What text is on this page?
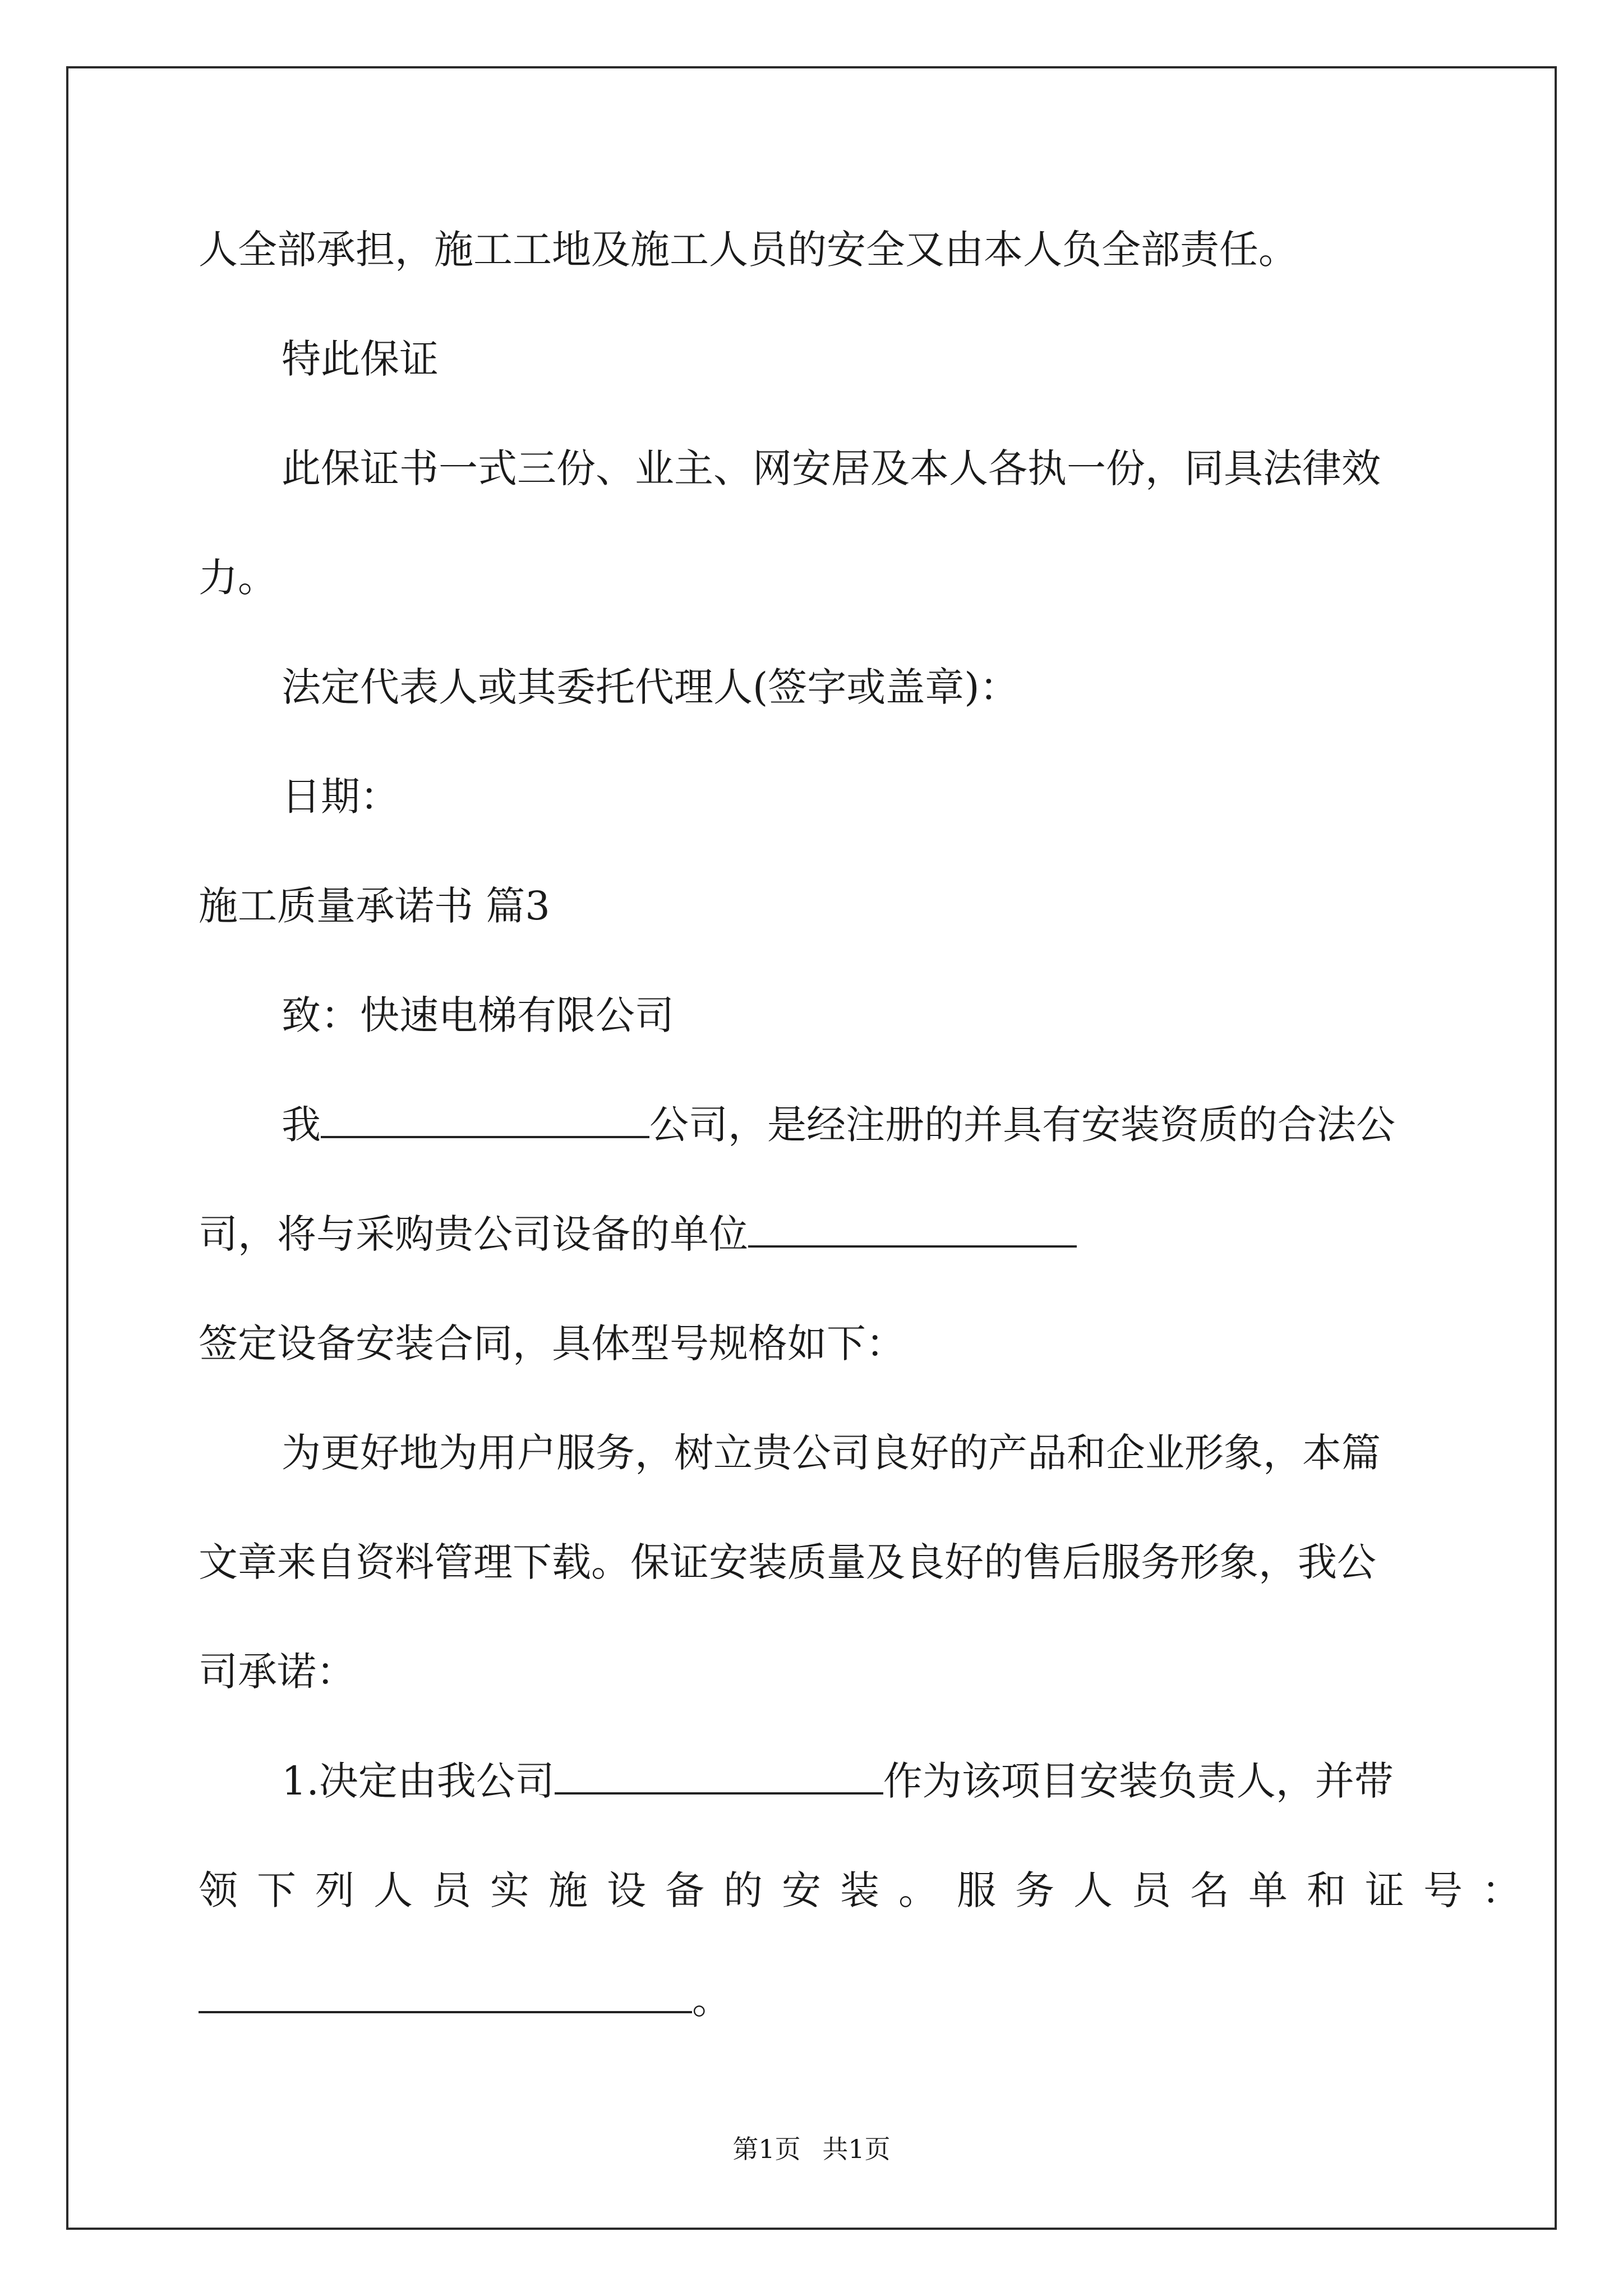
人全部承担，施工工地及施工人员的安全又由本人负全部责任。
特此保证
此保证书一式三份、业主、网安居及本人各执一份，同具法律效
力。
法定代表人或其委托代理人(签字或盖章)：
日期：
施工质量承诺书 篇3
致：快速电梯有限公司
我	公司，是经注册的并具有安装资质的合法公
司，将与采购贵公司设备的单位
签定设备安装合同，具体型号规格如下：
为更好地为用户服务，树立贵公司良好的产品和企业形象，本篇
文章来自资料管理下载。保证安装质量及良好的售后服务形象，我公
司承诺：
1.决定由我公司	作为该项目安装负责人，并带
领下列人员实施设备的安装。服务人员名单和证号：
。
第1页 共1页
